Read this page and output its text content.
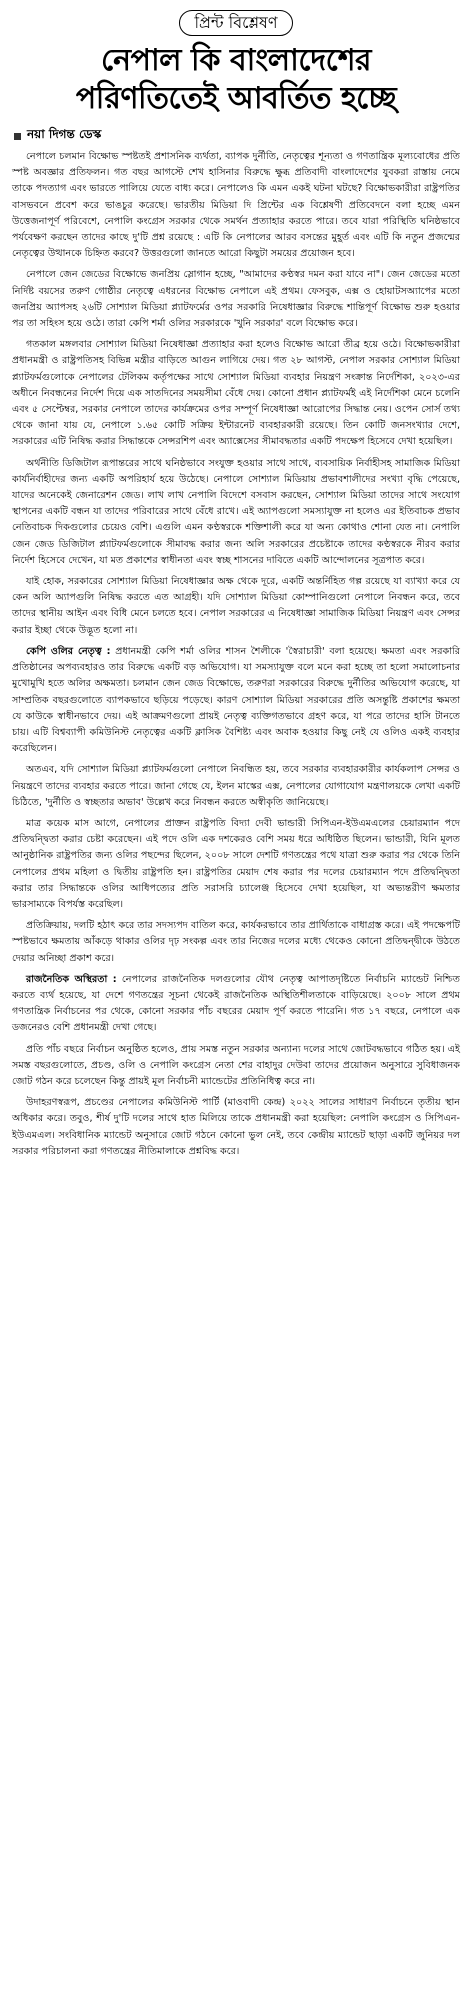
প্রিন্ট বিশ্লেষণ
নেপাল কি বাংলাদেশের
পরিণতিতেই আবর্তিত হচ্ছে
নয়া দিগন্ত ডেস্ক

নেপালে চলমান বিক্ষোভ স্পষ্টতই প্রশাসনিক ব্যর্থতা, ব্যাপক দুর্নীতি, নেতৃত্বের শূন্যতা ও গণতান্ত্রিক মূল্যবোধের প্রতি স্পষ্ট অবজ্ঞার প্রতিফলন। গত বছর আগস্টে শেখ হাসিনার বিরুদ্ধে ক্ষুব্ধ প্রতিবাদী বাংলাদেশের যুবকরা রাস্তায় নেমে তাকে পদত্যাগ এবং ভারতে পালিয়ে যেতে বাধ্য করে। নেপালেও কি এমন একই ঘটনা ঘটছে? বিক্ষোভকারীরা রাষ্ট্রপতির বাসভবনে প্রবেশ করে ভাঙচুর করেছে। ভারতীয় মিডিয়া দি প্রিন্টের এক বিশ্লেষণী প্রতিবেদনে বলা হচ্ছে এমন উত্তেজনাপূর্ণ পরিবেশে, নেপালি কংগ্রেস সরকার থেকে সমর্থন প্রত্যাহার করতে পারে। তবে যারা পরিস্থিতি ঘনিষ্ঠভাবে পর্যবেক্ষণ করছেন তাদের কাছে দু'টি প্রশ্ন রয়েছে : এটি কি নেপালের আরব বসন্তের মুহূর্ত এবং এটি কি নতুন প্রজন্মের নেতৃত্বের উত্থানকে চিহ্নিত করবে? উত্তরগুলো জানতে আরো কিছুটা সময়ের প্রয়োজন হবে।

নেপালে জেন জেডের বিক্ষোভে জনপ্রিয় স্লোগান হচ্ছে, "আমাদের কণ্ঠস্বর দমন করা যাবে না"। জেন জেডের মতো নির্দিষ্ট বয়সের তরুণ গোষ্ঠীর নেতৃত্বে এধরনের বিক্ষোভ নেপালে এই প্রথম। ফেসবুক, এক্স ও হোয়াটসঅ্যাপের মতো জনপ্রিয় অ্যাপসহ ২৬টি সোশ্যাল মিডিয়া প্ল্যাটফর্মের ওপর সরকারি নিষেধাজ্ঞার বিরুদ্ধে শান্তিপূর্ণ বিক্ষোভ শুরু হওয়ার পর তা সহিংস হয়ে ওঠে। তারা কেপি শর্মা ওলির সরকারকে 'খুনি সরকার' বলে বিক্ষোভ করে।

গতকাল মঙ্গলবার সোশ্যাল মিডিয়া নিষেধাজ্ঞা প্রত্যাহার করা হলেও বিক্ষোভ আরো তীব্র হয়ে ওঠে। বিক্ষোভকারীরা প্রধানমন্ত্রী ও রাষ্ট্রপতিসহ বিভিন্ন মন্ত্রীর বাড়িতে আগুন লাগিয়ে দেয়। গত ২৮ আগস্ট, নেপাল সরকার সোশ্যাল মিডিয়া প্ল্যাটফর্মগুলোকে নেপালের টেলিকম কর্তৃপক্ষের সাথে সোশ্যাল মিডিয়া ব্যবহার নিয়ন্ত্রণ সংক্রান্ত নির্দেশিকা, ২০২৩-এর অধীনে নিবন্ধনের নির্দেশ দিয়ে এক সাতদিনের সময়সীমা বেঁধে দেয়। কোনো প্রধান প্ল্যাটফর্মই এই নির্দেশিকা মেনে চলেনি এবং ৫ সেপ্টেম্বর, সরকার নেপালে তাদের কার্যক্রমের ওপর সম্পূর্ণ নিষেধাজ্ঞা আরোপের সিদ্ধান্ত নেয়। ওপেন সোর্স তথ্য থেকে জানা যায় যে, নেপালে ১.৬৫ কোটি সক্রিয় ইন্টারনেট ব্যবহারকারী রয়েছে। তিন কোটি জনসংখ্যার দেশে, সরকারের এটি নিষিদ্ধ করার সিদ্ধান্তকে সেন্সরশিপ এবং অ্যাক্সেসের সীমাবদ্ধতার একটি পদক্ষেপ হিসেবে দেখা হয়েছিল।

অর্থনীতি ডিজিটাল রূপান্তরের সাথে ঘনিষ্ঠভাবে সংযুক্ত হওয়ার সাথে সাথে, ব্যবসায়িক নির্বাহীসহ সামাজিক মিডিয়া কার্যনির্বাহীদের জন্য একটি অপরিহার্য হয়ে উঠেছে। নেপালে সোশ্যাল মিডিয়ায় প্রভাবশালীদের সংখ্যা বৃদ্ধি পেয়েছে, যাদের অনেকেই জেনারেশন জেড। লাখ লাখ নেপালি বিদেশে বসবাস করছেন, সোশ্যাল মিডিয়া তাদের সাথে সংযোগ স্থাপনের একটি বন্ধন যা তাদের পরিবারের সাথে বেঁধে রাখে। এই অ্যাপগুলো সমস্যাযুক্ত না হলেও এর ইতিবাচক প্রভাব নেতিবাচক দিকগুলোর চেয়েও বেশি। এগুলি এমন কণ্ঠস্বরকে শক্তিশালী করে যা অন্য কোথাও শোনা যেত না। নেপালি জেন জেড ডিজিটাল প্ল্যাটফর্মগুলোকে সীমাবদ্ধ করার জন্য অলি সরকারের প্রচেষ্টাকে তাদের কণ্ঠস্বরকে নীরব করার নির্দেশ হিসেবে দেখেন, যা মত প্রকাশের স্বাধীনতা এবং স্বচ্ছ শাসনের দাবিতে একটি আন্দোলনের সূত্রপাত করে।

যাই হোক, সরকারের সোশ্যাল মিডিয়া নিষেধাজ্ঞার অক্ষ থেকে দূরে, একটি অন্তর্নিহিত গল্প রয়েছে যা ব্যাখ্যা করে যে কেন অলি অ্যাপগুলি নিষিদ্ধ করতে এত আগ্রহী। যদি সোশ্যাল মিডিয়া কোম্পানিগুলো নেপালে নিবন্ধন করে, তবে তাদের স্থানীয় আইন এবং বিধি মেনে চলতে হবে। নেপাল সরকারের এ নিষেধাজ্ঞা সামাজিক মিডিয়া নিয়ন্ত্রণ এবং সেন্সর করার ইচ্ছা থেকে উদ্ভূত হলো না।

কেপি ওলির নেতৃত্ব : প্রধানমন্ত্রী কেপি শর্মা ওলির শাসন শৈলীকে 'স্বৈরাচারী' বলা হয়েছে। ক্ষমতা এবং সরকারি প্রতিষ্ঠানের অপব্যবহারও তার বিরুদ্ধে একটি বড় অভিযোগ। যা সমস্যাযুক্ত বলে মনে করা হচ্ছে তা হলো সমালোচনার মুখোমুখি হতে অলির অক্ষমতা। চলমান জেন জেড বিক্ষোভে, তরুণরা সরকারের বিরুদ্ধে দুর্নীতির অভিযোগ করেছে, যা সাম্প্রতিক বছরগুলোতে ব্যাপকভাবে ছড়িয়ে পড়েছে। কারণ সোশ্যাল মিডিয়া সরকারের প্রতি অসন্তুষ্টি প্রকাশের ক্ষমতা যে কাউকে স্বাধীনভাবে দেয়। এই আক্রমণগুলো প্রায়ই নেতৃত্ব ব্যক্তিগতভাবে গ্রহণ করে, যা পরে তাদের হাসি টানতে চায়। এটি বিশ্বব্যাপী কমিউনিস্ট নেতৃত্বের একটি ক্লাসিক বৈশিষ্ট্য এবং অবাক হওয়ার কিছু নেই যে ওলিও একই ব্যবহার করেছিলেন।

অতএব, যদি সোশ্যাল মিডিয়া প্ল্যাটফর্মগুলো নেপালে নিবন্ধিত হয়, তবে সরকার ব্যবহারকারীর কার্যকলাপ সেন্সর ও নিয়ন্ত্রণে তাদের ব্যবহার করতে পারে। জানা গেছে যে, ইলন মাস্কের এক্স, নেপালের যোগাযোগ মন্ত্রণালয়কে লেখা একটি চিঠিতে, 'দুর্নীতি ও স্বচ্ছতার অভাব' উল্লেখ করে নিবন্ধন করতে অস্বীকৃতি জানিয়েছে।

মাত্র কয়েক মাস আগে, নেপালের প্রাক্তন রাষ্ট্রপতি বিদ্যা দেবী ভান্ডারী সিপিএন-ইউএমএলের চেয়ারম্যান পদে প্রতিদ্বন্দ্বিতা করার চেষ্টা করেছেন। এই পদে ওলি এক দশকেরও বেশি সময় ধরে অধিষ্ঠিত ছিলেন। ভান্ডারী, যিনি মূলত আনুষ্ঠানিক রাষ্ট্রপতির জন্য ওলির পছন্দের ছিলেন, ২০০৮ সালে দেশটি গণতন্ত্রের পথে যাত্রা শুরু করার পর থেকে তিনি নেপালের প্রথম মহিলা ও দ্বিতীয় রাষ্ট্রপতি হন। রাষ্ট্রপতির মেয়াদ শেষ করার পর দলের চেয়ারম্যান পদে প্রতিদ্বন্দ্বিতা করার তার সিদ্ধান্তকে ওলির আধিপত্যের প্রতি সরাসরি চ্যালেঞ্জ হিসেবে দেখা হয়েছিল, যা অভ্যন্তরীণ ক্ষমতার ভারসাম্যকে বিপর্যস্ত করেছিল।

প্রতিক্রিয়ায়, দলটি হঠাৎ করে তার সদস্যপদ বাতিল করে, কার্যকরভাবে তার প্রার্থিতাকে বাধাগ্রস্ত করে। এই পদক্ষেপটি স্পষ্টভাবে ক্ষমতায় আঁকড়ে থাকার ওলির দৃঢ় সংকল্প এবং তার নিজের দলের মধ্যে থেকেও কোনো প্রতিদ্বন্দ্বীকে উঠতে দেয়ার অনিচ্ছা প্রকাশ করে।

রাজনৈতিক অস্থিরতা : নেপালের রাজনৈতিক দলগুলোর যৌথ নেতৃত্ব আপাতদৃষ্টিতে নির্বাচনি ম্যান্ডেট নিশ্চিত করতে ব্যর্থ হয়েছে, যা দেশে গণতন্ত্রের সূচনা থেকেই রাজনৈতিক অস্থিতিশীলতাকে বাড়িয়েছে। ২০০৮ সালে প্রথম গণতান্ত্রিক নির্বাচনের পর থেকে, কোনো সরকার পাঁচ বছরের মেয়াদ পূর্ণ করতে পারেনি। গত ১৭ বছরে, নেপালে এক ডজনেরও বেশি প্রধানমন্ত্রী দেখা গেছে।

প্রতি পাঁচ বছরে নির্বাচন অনুষ্ঠিত হলেও, প্রায় সমস্ত নতুন সরকার অন্যান্য দলের সাথে জোটবদ্ধভাবে গঠিত হয়। এই সমস্ত বছরগুলোতে, প্রচণ্ড, ওলি ও নেপালি কংগ্রেস নেতা শের বাহাদুর দেউবা তাদের প্রয়োজন অনুসারে সুবিধাজনক জোট গঠন করে চলেছেন কিন্তু প্রায়ই মূল নির্বাচনী ম্যান্ডেটের প্রতিনিধিত্ব করে না।

উদাহরণস্বরূপ, প্রচণ্ডের নেপালের কমিউনিস্ট পার্টি (মাওবাদী কেন্দ্র) ২০২২ সালের সাধারণ নির্বাচনে তৃতীয় স্থান অধিকার করে। তবুও, শীর্ষ দু'টি দলের সাথে হাত মিলিয়ে তাকে প্রধানমন্ত্রী করা হয়েছিল: নেপালি কংগ্রেস ও সিপিএন-ইউএমএল। সংবিধানিক ম্যান্ডেট অনুসারে জোট গঠনে কোনো ভুল নেই, তবে কেন্দ্রীয় ম্যান্ডেট ছাড়া একটি জুনিয়র দল সরকার পরিচালনা করা গণতন্ত্রের নীতিমালাকে প্রশ্নবিদ্ধ করে।
